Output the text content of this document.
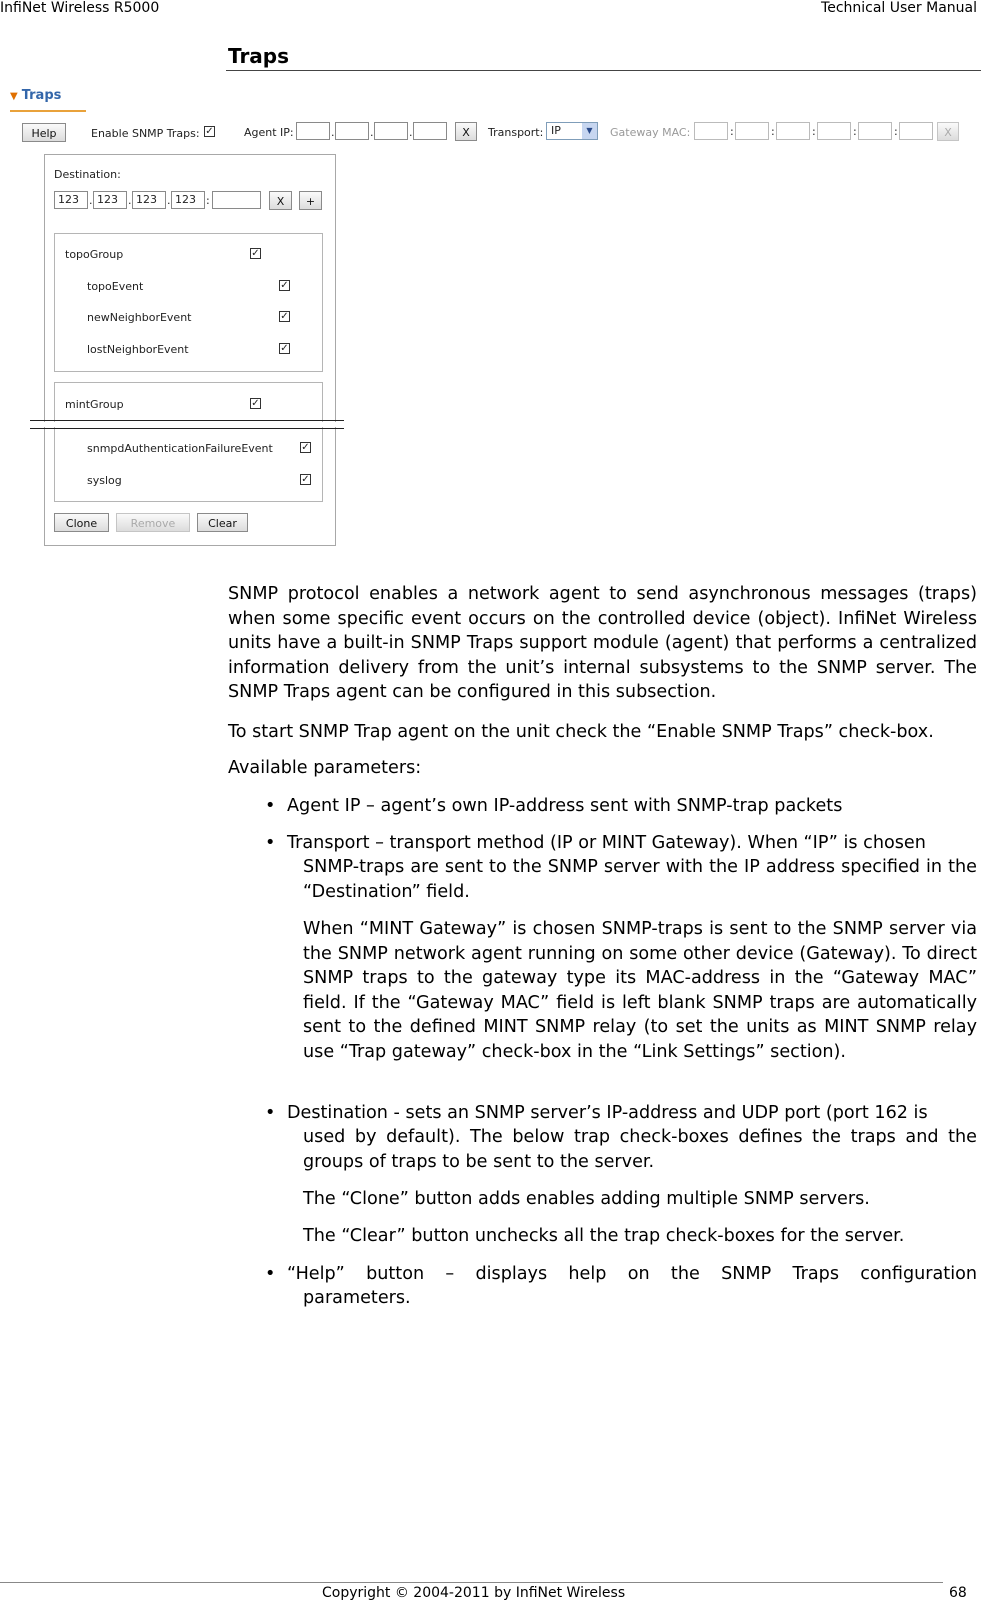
InfiNet Wireless R5000	Technical User Manual
Traps
▼ Traps
Help	Enable SNMP Traps: ✓	Agent IP:	.	.	.	X	Transport: IP	▼	Gateway MAC:	:	:	:	:	:	X
Destination:
123 . 123 . 123 . 123 :	X	+
topoGroup	✓
topoEvent	✓
newNeighborEvent	✓
lostNeighborEvent	✓
mintGroup	✓
snmpdAuthenticationFailureEvent	✓
syslog	✓
Clone	Remove	Clear
SNMP protocol enables a network agent to send asynchronous messages (traps) when some specific event occurs on the controlled device (object). InfiNet Wireless units have a built-in SNMP Traps support module (agent) that performs a centralized information delivery from the unit’s internal subsystems to the SNMP server. The SNMP Traps agent can be configured in this subsection.
To start SNMP Trap agent on the unit check the “Enable SNMP Traps” check-box.
Available parameters:
• Agent IP – agent’s own IP-address sent with SNMP-trap packets
• Transport – transport method (IP or MINT Gateway). When “IP” is chosen
SNMP-traps are sent to the SNMP server with the IP address specified in the “Destination” field.
When “MINT Gateway” is chosen SNMP-traps is sent to the SNMP server via the SNMP network agent running on some other device (Gateway). To direct SNMP traps to the gateway type its MAC-address in the “Gateway MAC” field. If the “Gateway MAC” field is left blank SNMP traps are automatically sent to the defined MINT SNMP relay (to set the units as MINT SNMP relay use “Trap gateway” check-box in the “Link Settings” section).
• Destination - sets an SNMP server’s IP-address and UDP port (port 162 is
used by default). The below trap check-boxes defines the traps and the groups of traps to be sent to the server.
The “Clone” button adds enables adding multiple SNMP servers.
The “Clear” button unchecks all the trap check-boxes for the server.
• “Help” button – displays help on the SNMP Traps configuration
parameters.
Copyright © 2004-2011 by InfiNet Wireless	68
